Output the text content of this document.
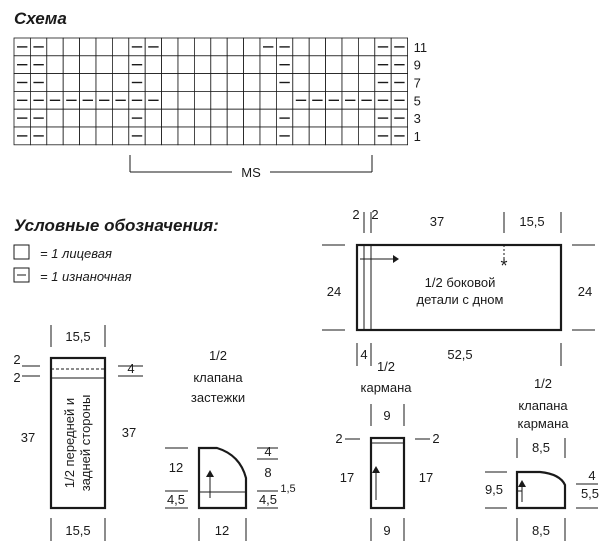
Схема
11
9
7
5
3
1
MS
Условные обозначения:
= 1 лицевая
= 1 изнаночная
*
1/2 боковой
детали с дном
2 2	37	15,5
24	24
4	52,5
1/2 передней и задней стороны
15,5
15,5
2
2
37
4
37
1/2
клапана
застежки
12
4,5
4
8
1,5
4,5
12
1/2
кармана
9
2	2
17	17
9
1/2
клапана
кармана
8,5
9,5
4
5,5
8,5
